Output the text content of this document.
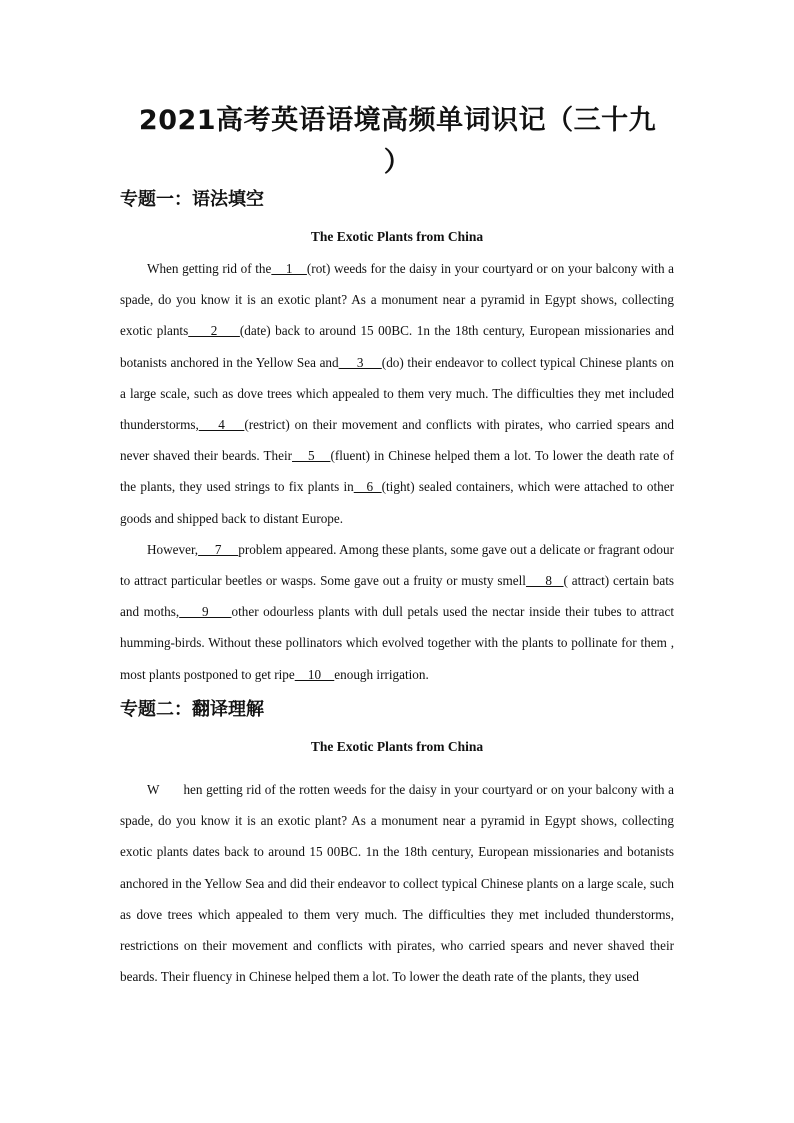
2021高考英语语境高频单词识记（三十九
）
专题一：语法填空
The Exotic Plants from China

When getting rid of the    1    (rot) weeds for the daisy in your courtyard or on your balcony with a spade, do you know it is an exotic plant? As a monument near a pyramid in Egypt shows, collecting exotic plants     2     (date) back to around 15 00BC. 1n the 18th century, European missionaries and botanists anchored in the Yellow Sea and     3     (do) their endeavor to collect typical Chinese plants on a large scale, such as dove trees which appealed to them very much. The difficulties they met included thunderstorms,    4    (restrict) on their movement and conflicts with pirates, who carried spears and never shaved their beards. Their    5    (fluent) in Chinese helped them a lot. To lower the death rate of the plants, they used strings to fix plants in   6  (tight) sealed containers, which were attached to other goods and shipped back to distant Europe.

However,     7     problem appeared. Among these plants, some gave out a delicate or fragrant odour to attract particular beetles or wasps. Some gave out a fruity or musty smell     8   ( attract) certain bats and moths,     9     other odourless plants with dull petals used the nectar inside their tubes to attract humming-birds. Without these pollinators which evolved together with the plants to pollinate for them , most plants postponed to get ripe    10    enough irrigation.

专题二：翻译理解
The Exotic Plants from China

W hen getting rid of the rotten weeds for the daisy in your courtyard or on your balcony with a spade, do you know it is an exotic plant? As a monument near a pyramid in Egypt shows, collecting exotic plants dates back to around 15 00BC. 1n the 18th century, European missionaries and botanists anchored in the Yellow Sea and did their endeavor to collect typical Chinese plants on a large scale, such as dove trees which appealed to them very much. The difficulties they met included thunderstorms, restrictions on their movement and conflicts with pirates, who carried spears and never shaved their beards. Their fluency in Chinese helped them a lot. To lower the death rate of the plants, they used
